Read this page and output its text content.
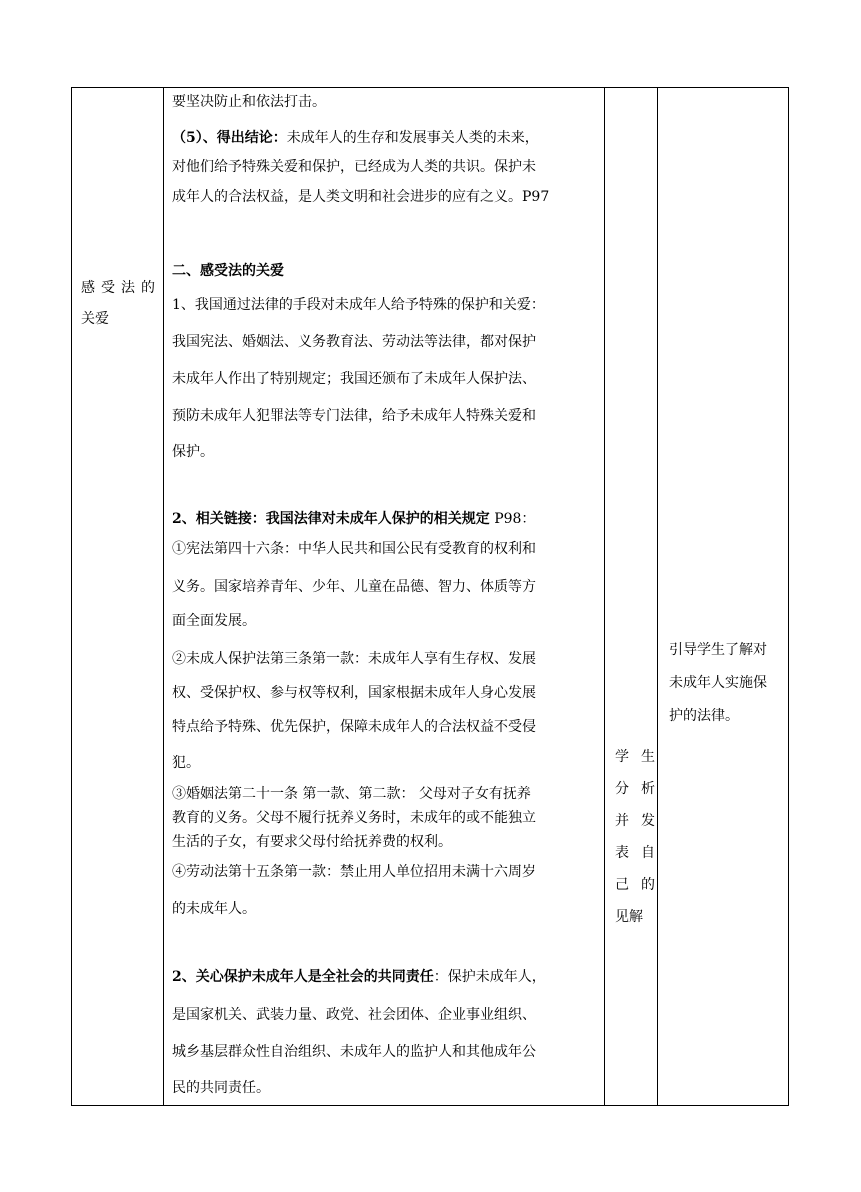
感受法的
关爱
要坚决防止和依法打击。
（5）、得出结论：未成年人的生存和发展事关人类的未来，
对他们给予特殊关爱和保护，已经成为人类的共识。保护未
成年人的合法权益，是人类文明和社会进步的应有之义。P97
二、感受法的关爱
1、我国通过法律的手段对未成年人给予特殊的保护和关爱：
我国宪法、婚姻法、义务教育法、劳动法等法律，都对保护
未成年人作出了特别规定；我国还颁布了未成年人保护法、
预防未成年人犯罪法等专门法律，给予未成年人特殊关爱和
保护。
2、相关链接：我国法律对未成年人保护的相关规定 P98：
①宪法第四十六条：中华人民共和国公民有受教育的权利和
义务。国家培养青年、少年、儿童在品德、智力、体质等方
面全面发展。
②未成人保护法第三条第一款：未成年人享有生存权、发展
权、受保护权、参与权等权利，国家根据未成年人身心发展
特点给予特殊、优先保护，保障未成年人的合法权益不受侵
犯。
③婚姻法第二十一条 第一款、第二款： 父母对子女有抚养
教育的义务。父母不履行抚养义务时，未成年的或不能独立
生活的子女，有要求父母付给抚养费的权利。
④劳动法第十五条第一款：禁止用人单位招用未满十六周岁
的未成年人。
2、关心保护未成年人是全社会的共同责任：保护未成年人，
是国家机关、武装力量、政党、社会团体、企业事业组织、
城乡基层群众性自治组织、未成年人的监护人和其他成年公
民的共同责任。
学 生
分 析
并 发
表 自
己 的
见解
引导学生了解对
未成年人实施保
护的法律。
